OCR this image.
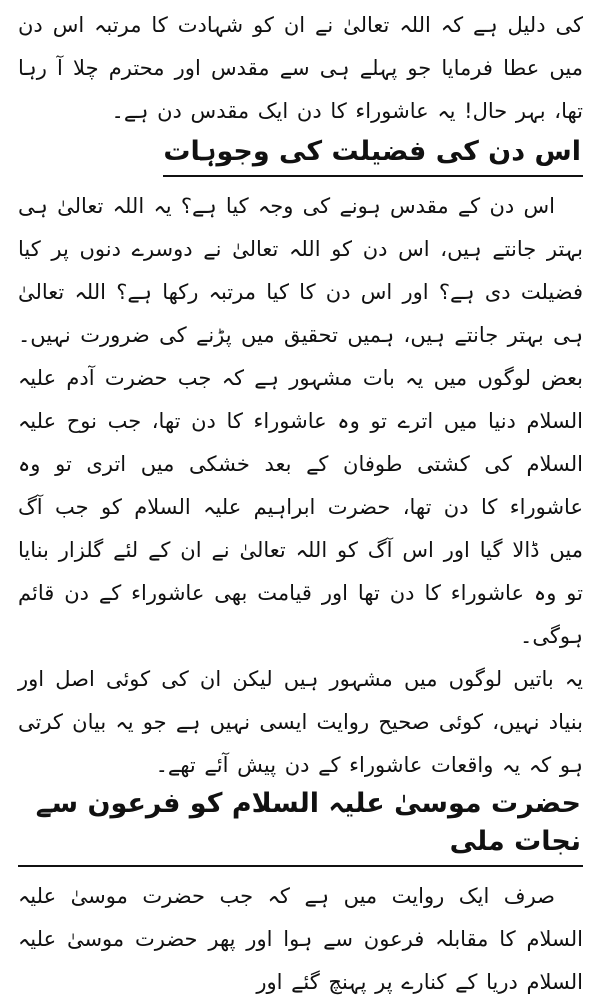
کی دلیل ہے کہ اللہ تعالیٰ نے ان کو شہادت کا مرتبہ اس دن میں عطا فرمایا جو پہلے ہی سے مقدس اور محترم چلا آ رہا تھا، بہر حال! یہ عاشوراء کا دن ایک مقدس دن ہے۔

اس دن کی فضیلت کی وجوہات

اس دن کے مقدس ہونے کی وجہ کیا ہے؟ یہ اللہ تعالیٰ ہی بہتر جانتے ہیں، اس دن کو اللہ تعالیٰ نے دوسرے دنوں پر کیا فضیلت دی ہے؟ اور اس دن کا کیا مرتبہ رکھا ہے؟ اللہ تعالیٰ ہی بہتر جانتے ہیں، ہمیں تحقیق میں پڑنے کی ضرورت نہیں۔ بعض لوگوں میں یہ بات مشہور ہے کہ جب حضرت آدم علیہ السلام دنیا میں اترے تو وہ عاشوراء کا دن تھا، جب نوح علیہ السلام کی کشتی طوفان کے بعد خشکی میں اتری تو وہ عاشوراء کا دن تھا، حضرت ابراہیم علیہ السلام کو جب آگ میں ڈالا گیا اور اس آگ کو اللہ تعالیٰ نے ان کے لئے گلزار بنایا تو وہ عاشوراء کا دن تھا اور قیامت بھی عاشوراء کے دن قائم ہوگی۔

یہ باتیں لوگوں میں مشہور ہیں لیکن ان کی کوئی اصل اور بنیاد نہیں، کوئی صحیح روایت ایسی نہیں ہے جو یہ بیان کرتی ہو کہ یہ واقعات عاشوراء کے دن پیش آئے تھے۔

حضرت موسیٰ علیہ السلام کو فرعون سے نجات ملی

صرف ایک روایت میں ہے کہ جب حضرت موسیٰ علیہ السلام کا مقابلہ فرعون سے ہوا اور پھر حضرت موسیٰ علیہ السلام دریا کے کنارے پر پہنچ گئے اور
